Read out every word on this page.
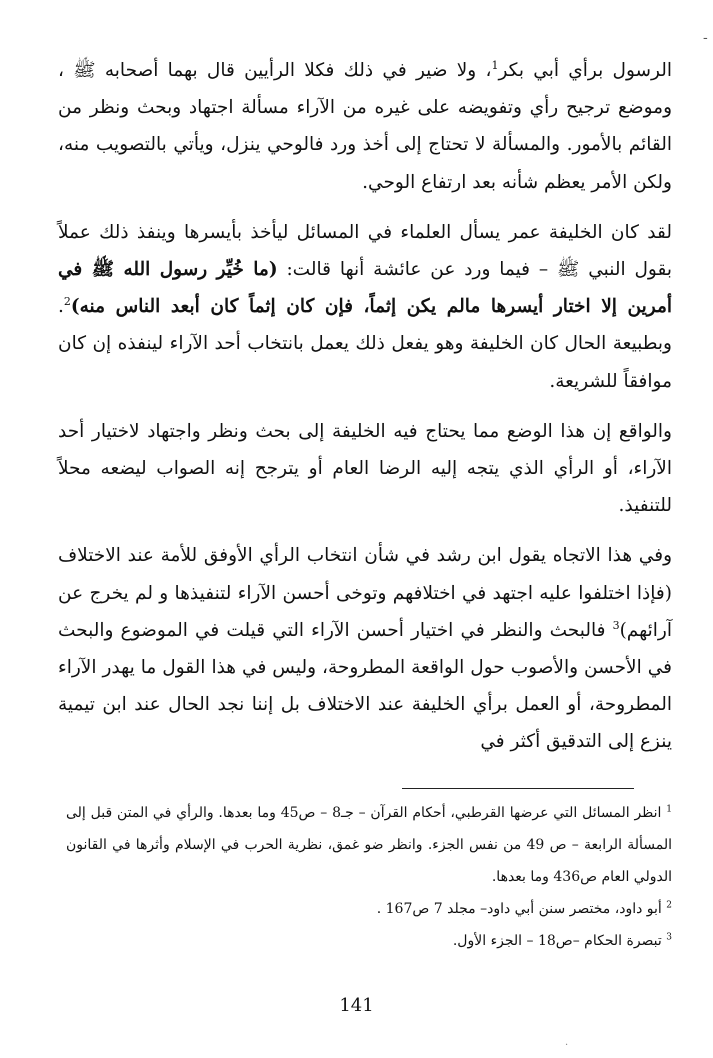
-

الرسول برأي أبي بكر$^1$، ولا ضير في ذلك فكلا الرأيين قال بهما أصحابه ﷺ ، وموضع ترجيح رأي وتفويضه على غيره من الآراء مسألة اجتهاد وبحث ونظر من القائم بالأمور. والمسألة لا تحتاج إلى أخذ ورد فالوحي ينزل، ويأتي بالتصويب منه، ولكن الأمر يعظم شأنه بعد ارتفاع الوحي.

لقد كان الخليفة عمر يسأل العلماء في المسائل ليأخذ بأيسرها وينفذ ذلك عملاً بقول النبي ﷺ – فيما ورد عن عائشة أنها قالت: (ما خُيِّر رسول الله ﷺ في أمرين إلا اختار أيسرها مالم يكن إثماً، فإن كان إثماً كان أبعد الناس منه)$^2$. وبطبيعة الحال كان الخليفة وهو يفعل ذلك يعمل بانتخاب أحد الآراء لينفذه إن كان موافقاً للشريعة.

والواقع إن هذا الوضع مما يحتاج فيه الخليفة إلى بحث ونظر واجتهاد لاختيار أحد الآراء، أو الرأي الذي يتجه إليه الرضا العام أو يترجح إنه الصواب ليضعه محلاً للتنفيذ.

وفي هذا الاتجاه يقول ابن رشد في شأن انتخاب الرأي الأوفق للأمة عند الاختلاف (فإذا اختلفوا عليه اجتهد في اختلافهم وتوخى أحسن الآراء لتنفيذها و لم يخرج عن آرائهم)$^3$ فالبحث والنظر في اختيار أحسن الآراء التي قيلت في الموضوع والبحث في الأحسن والأصوب حول الواقعة المطروحة، وليس في هذا القول ما يهدر الآراء المطروحة، أو العمل برأي الخليفة عند الاختلاف بل إننا نجد الحال عند ابن تيمية ينزع إلى التدقيق أكثر في

$^1$ انظر المسائل التي عرضها القرطبي، أحكام القرآن – جـ8 – ص45 وما بعدها. والرأي في المتن قبل إلى المسألة الرابعة – ص 49 من نفس الجزء. وانظر ضو غمق، نظرية الحرب في الإسلام وأثرها في القانون الدولي العام ص436 وما بعدها.

$^2$ أبو داود، مختصر سنن أبي داود– مجلد 7 ص167 .

$^3$ تبصرة الحكام –ص18 – الجزء الأول.

141
·
